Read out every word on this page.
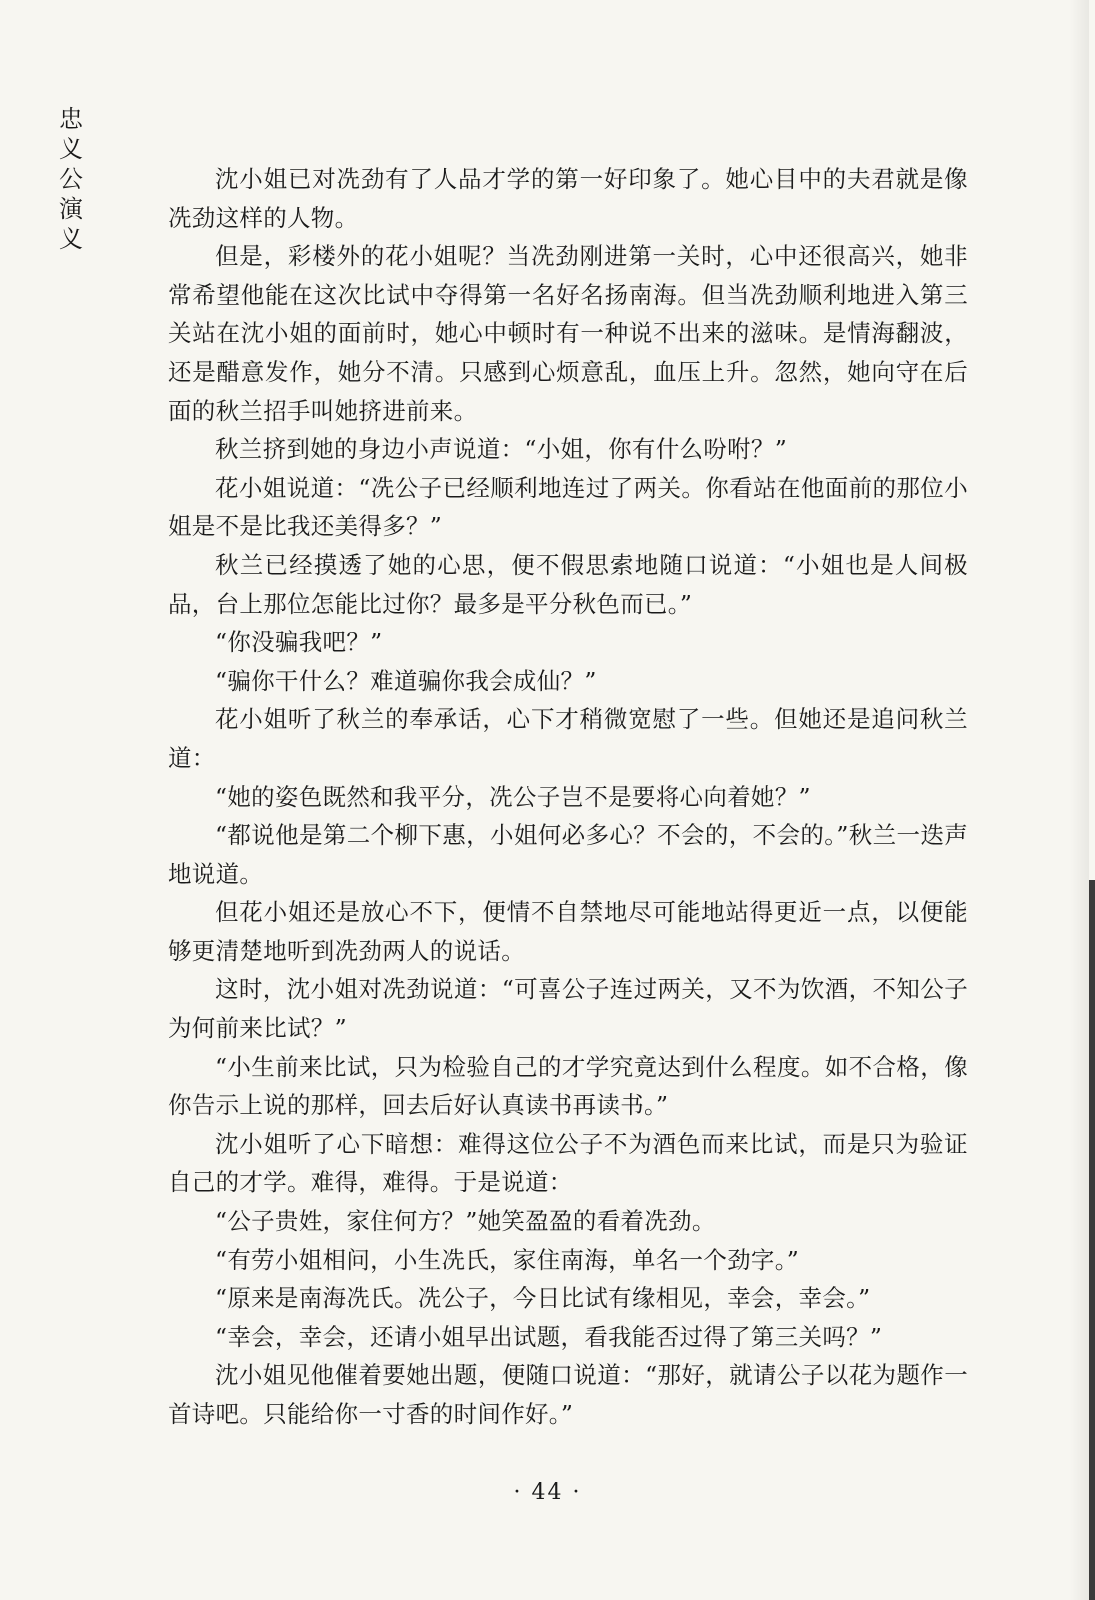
忠
义
公
演
义

沈小姐已对冼劲有了人品才学的第一好印象了。她心目中的夫君就是像冼劲这样的人物。

但是，彩楼外的花小姐呢？当冼劲刚进第一关时，心中还很高兴，她非常希望他能在这次比试中夺得第一名好名扬南海。但当冼劲顺利地进入第三关站在沈小姐的面前时，她心中顿时有一种说不出来的滋味。是情海翻波，还是醋意发作，她分不清。只感到心烦意乱，血压上升。忽然，她向守在后面的秋兰招手叫她挤进前来。

秋兰挤到她的身边小声说道：“小姐，你有什么吩咐？”

花小姐说道：“冼公子已经顺利地连过了两关。你看站在他面前的那位小姐是不是比我还美得多？”

秋兰已经摸透了她的心思，便不假思索地随口说道：“小姐也是人间极品，台上那位怎能比过你？最多是平分秋色而已。”

“你没骗我吧？”

“骗你干什么？难道骗你我会成仙？”

花小姐听了秋兰的奉承话，心下才稍微宽慰了一些。但她还是追问秋兰道：

“她的姿色既然和我平分，冼公子岂不是要将心向着她？”

“都说他是第二个柳下惠，小姐何必多心？不会的，不会的。”秋兰一迭声地说道。

但花小姐还是放心不下，便情不自禁地尽可能地站得更近一点，以便能够更清楚地听到冼劲两人的说话。

这时，沈小姐对冼劲说道：“可喜公子连过两关，又不为饮酒，不知公子为何前来比试？”

“小生前来比试，只为检验自己的才学究竟达到什么程度。如不合格，像你告示上说的那样，回去后好认真读书再读书。”

沈小姐听了心下暗想：难得这位公子不为酒色而来比试，而是只为验证自己的才学。难得，难得。于是说道：

“公子贵姓，家住何方？”她笑盈盈的看着冼劲。

“有劳小姐相问，小生冼氏，家住南海，单名一个劲字。”

“原来是南海冼氏。冼公子，今日比试有缘相见，幸会，幸会。”

“幸会，幸会，还请小姐早出试题，看我能否过得了第三关吗？”

沈小姐见他催着要她出题，便随口说道：“那好，就请公子以花为题作一首诗吧。只能给你一寸香的时间作好。”

· 44 ·
